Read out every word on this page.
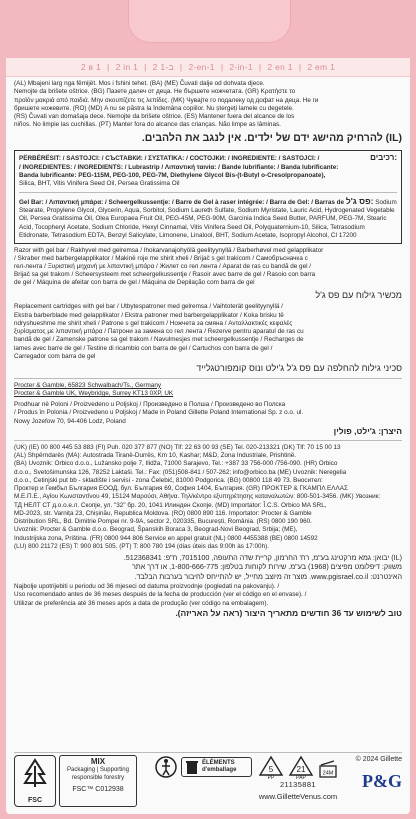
2 в 1 | 2 in 1 | 2 ב-1 | 2-en-1 | 2-in-1 | 2 en 1 | 2 em 1
(AL) Mbajeni larg nga fëmijët. Mos i fshini tehet. (BA) (ME) Čuvati dalje od dohvata djece.
Nemojte da brišete oštrice. (BG) Пазете далеч от деца. Не бършете ножчетата. (GR) Κρατήστε το
προϊόν μακριά από παιδιά. Μην σκουπίζετε τις λεπίδες. (MK) Чувајте го подалеку од дофат на деца. Не ги
бришете ножевите. (RO) (MD) A nu se păstra la îndemâna copiilor. Nu ștergeți lamele cu degetele.
(RS) Čuvati van domašaja dece. Nemojte da brišete oštrice. (ES) Mantener fuera del alcance de los
niños. No limpie las cuchillas. (PT) Manter fora do alcance das crianças. Não limpe as lâminas.
(IL) להרחיק מהישג ידם של ילדים. אין לנגב את הלהבים.
PËRBËRËSIT: / SASTOJCI: / СЪСТАВКИ: / ΣΥΣΤΑΤΙΚΑ: / СОСТОЈКИ: / INGREDIENTE: / SASTOJCI: /	רכיבים:
/ INGREDIENTES: / INGREDIENTS: / Lubrastrip / Λιπαντική ταινία: / Bande lubrifiante: / Banda lubrificante:
Banda lubrificante: PEG-115M, PEG-100, PEG-7M, Diethylene Glycol Bis-(t-Butyl o-Cresolpropanoate),
Silica, BHT, Vitis Vinifera Seed Oil, Persea Gratissima Oil
Gel Bar: / Λιπαντική μπάρα: / Scheergelkussentje: / Barre de Gel à raser intégrée: / Barra de Gel: / Barras de פס ג'ל: Sodium Stearate, Propylene Glycol, Glycerin, Aqua, Sorbitol, Sodium Laureth Sulfate, Sodium Myristate, Lauric Acid, Hydrogenated Vegetable Oil, Persea Gratissima Oil, Olea Europaea Fruit Oil, PEG-45M, PEG-90M, Garcinia Indica Seed Butter, PARFUM, PEG-7M, Stearic Acid, Tocopheryl Acetate, Sodium Chloride, Hexyl Cinnamal, Vitis Vinifera Seed Oil, Polyquaternium-10, Silica, Tetrasodium Etidronate, Tetrasodium EDTA, Benzyl Salicylate, Limonene, Linalool, BHT, Sodium Acetate, Isopropyl Alcohol, CI 17200
Razor with gel bar / Rakhyvel med gelremsa / Ihokarvanajohyölä geelityynyllä / Barberhøvel med gelapplikator
/ Skraber med barbergelapplikator / Makinë roje me shirit xheli / Brijač s gel trakicom / Самобръсначка с
гел-лента / Ξυριστική μηχανή με λιπαντική μπάρα / Жилет со гел лента / Aparat de ras cu bandă de gel /
Brijač sa gel trakom / Scheersysteem met scheergelkussentje / Rasoir avec barre de gel / Rasoio con barra
de gel / Máquina de afeitar con barra de gel / Máquina de Depilação com barra de gel
מכשיר גילוח עם פס ג'ל
Replacement cartridges with gel bar / Utbytespatroner med gelremsa / Vaihtoterät geelityynyllä /
Ekstra barberblade med gelapplikator / Ekstra patroner med barbergelapplikator / Koka brisku të
ndryshueshme me shirit xheli / Patrone s gel trakicom / Ножчета за смяна / Ανταλλακτικές κεφαλές
ξυρίσματος με λιπαντική μπάρα / Патрони за замена со гел лента / Rezerve pentru aparatul de ras cu
bandă de gel / Zamenske patrone sa gel trakom / Navulmesjes met scheergelkussentje / Recharges de
lames avec barre de gel / Testine di ricambio con barra de gel / Cartuchos con barra de gel /
Carregador com barra de gel
סכיני גילוח להחלפה עם פס ג'ל ג'ילט ונוס קומפורטגלייד
Procter & Gamble, 65823 Schwalbach/Ts., Germany
Procter & Gamble UK, Weybridge, Surrey KT13 0XP, UK
Prodhuar në Poloni / Proizvedeno u Poljskoj / Произведено в Полша / Произведено во Полска
/ Produs în Polonia / Proizvedeno u Poljskoj / Made in Poland Gillette Poland International Sp. z o.o. ul.
Nowy Jozefow 70, 94-406 Lodz, Poland
היצרן: ג'ילט, פולין
(UK) (IE) 00 800 445 53 883 (FI) Puh. 020 377 877 (NO) Tlf: 22 63 00 93 (SE) Tel. 020-213321 (DK) Tlf: 70 15 00 13
(AL) Shpërndarës (MA): Autostrada Tiranë-Durrës, Km 10, Kashar; M&D, Zona Industriale, Prishtinë.
(BA) Uvoznik: Orbico d.o.o., Lužansko polje 7, Ilidža, 71000 Sarajevo, Tel.: +387 33 756-000 /756-090. (HR) Orbico
d.o.o., Svetošimunska 126, 78252 Laktaši. Tel.: Fax: (051)508-841 / 507-262; info@orbico.ba (ME) Uvoznik: Neregelia
d.o.o., Cetinjski put bb - skladište i servisi - zona Čelebić, 81000 Podgorica. (BG) 00800 118 49 73. Вносител:
Проктер и Гембъл България ЕООД, бул. България 69, София 1404, България. (GR) ΠΡΟΚΤΕΡ & ΓΚΑΜΠΛ ΕΛΛΑΣ
Μ.Ε.Π.Ε., Αγίου Κωνσταντίνου 49, 15124 Μαρούσι, Αθήνα. Τηλ/κέντρο εξυπηρέτησης καταναλωτών: 800-501-3456. (MK) Увозник:
ТД НЕЛТ СТ д.о.о.е.л. Скопје, ул. "32" бр. 20, 1041 Илинден Скопје. (MD) Importator: Î.C.S. Orbico MA SRL,
MD-2023, str. Varnița 23, Chișinău, Republica Moldova. (RO) 0800 890 116. Importator: Procter & Gamble
Distribution SRL, Bd. Dimitrie Pompei nr. 9-9A, sector 2, 020335, București, România. (RS) 0800 190 960.
Uvoznik: Procter & Gamble d.o.o. Beograd, Španskih Boraca 3, Beograd-Novi Beograd, Srbija; (ME),
Industrijska zona, Priština. (FR) 0800 944 806 Service en appel gratuit (NL) 0800 4455388 (BE) 0800 14592
(LU) 800 21172 (ES) T: 900 801 505. (PT) T: 800 780 194 (dias úteis das 9:00h às 17:00h).
(IL) יבואן: גמא מרקטינג בע"מ, רח' החרמון, קריית שדה התעופה, 7015100, ח"פ: 512368341.
משווק: דיפלומט מפיצים (1968) בע"מ. שירות לקוחות בטלפון: 1-800-666-775, או דרך אתר
האינטרנט: www.pgisrael.co.il. מוצר זה מיוצב מחייל, יש להתייחס לחיבור בערבות הבלבד.
Najbolje upotrijebiti u periodu od 36 mjeseci od datuma proizvodnje (pogledati na pakovanju). /
Uso recomendado antes de 36 meses después de la fecha de producción (ver el código en el envase). /
Utilizar de preferência até 36 meses após a data de produção (ver código na embalagem).
טוב לשימוש עד 36 חודשים מתאריך היצור (ראה על האריזה).
FSC
MIX
Packaging | Supporting responsible forestry
FSC™ C012938
ÉLÉMENTS d'emballage	5
PP
21
PAP
24M
21135881
www.GilletteVenus.com
© 2024 Gillette
P&G
